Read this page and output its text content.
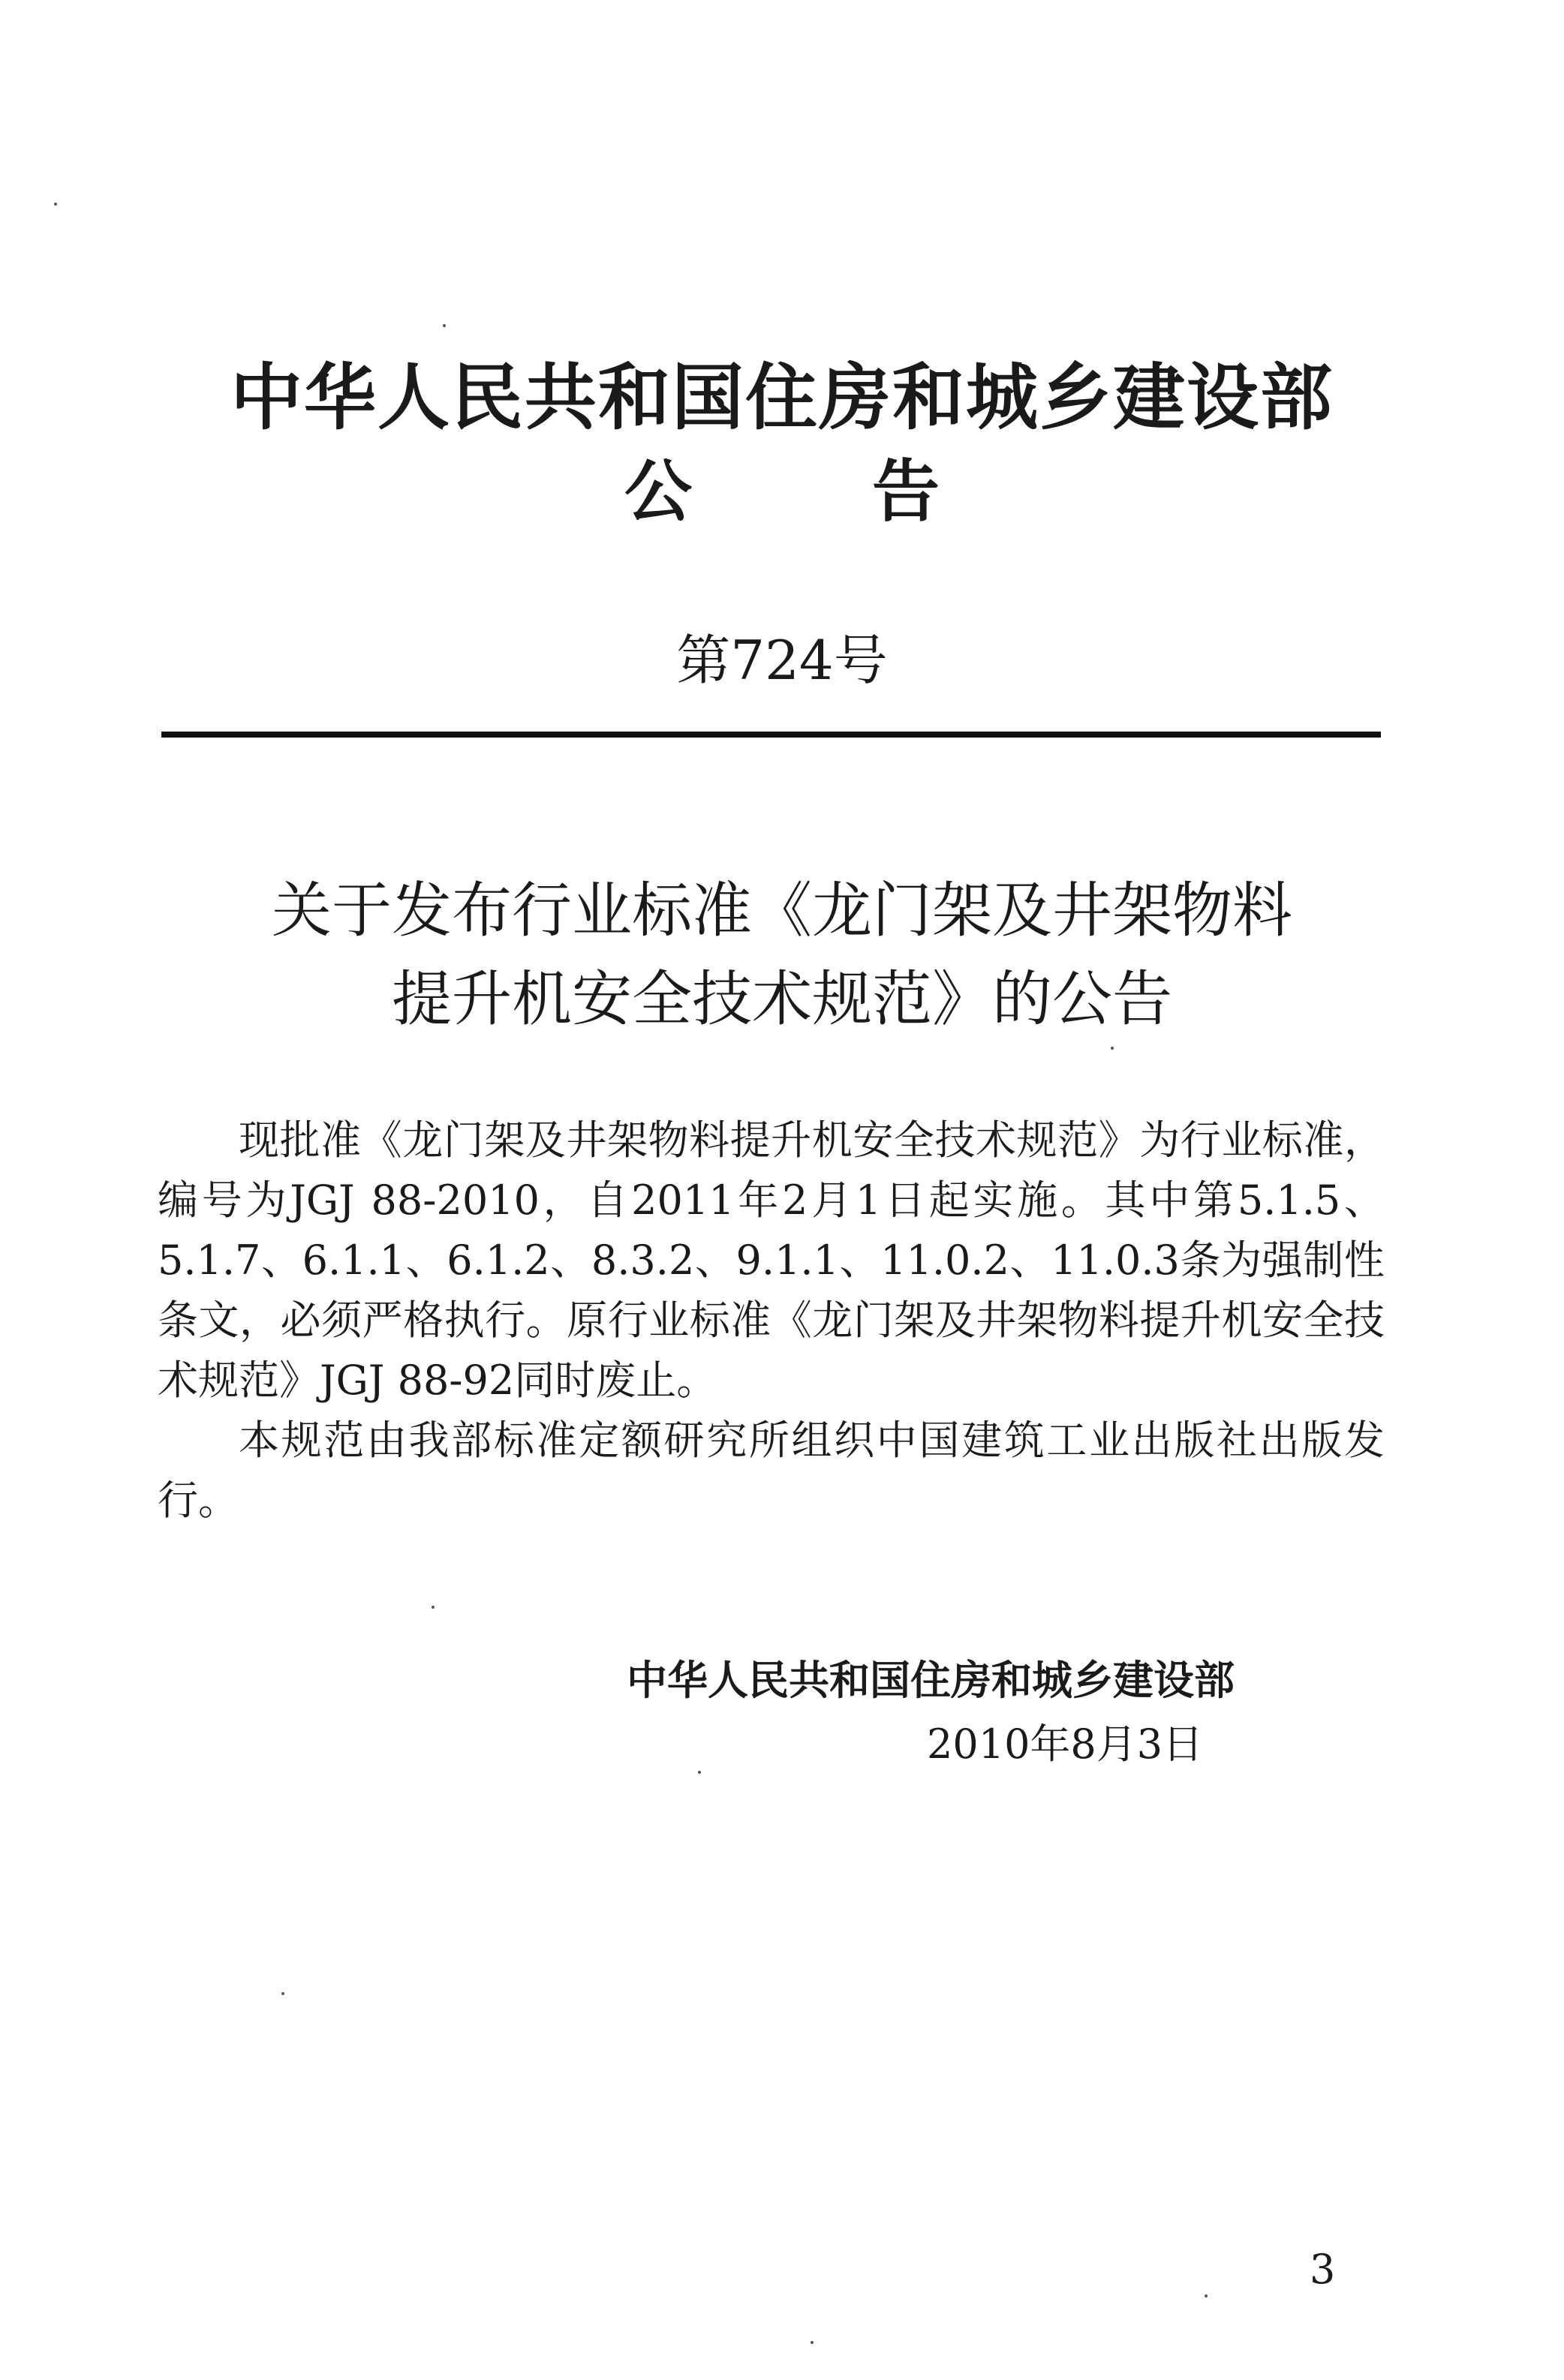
中华人民共和国住房和城乡建设部
公告
第724号
关于发布行业标准《龙门架及井架物料
提升机安全技术规范》的公告

现批准《龙门架及井架物料提升机安全技术规范》为行业标准，编号为JGJ 88-2010，自2011年2月1日起实施。其中第5.1.5、5.1.7、6.1.1、6.1.2、8.3.2、9.1.1、11.0.2、11.0.3条为强制性条文，必须严格执行。原行业标准《龙门架及井架物料提升机安全技术规范》JGJ 88-92同时废止。

本规范由我部标准定额研究所组织中国建筑工业出版社出版发行。

中华人民共和国住房和城乡建设部
2010年8月3日
3
